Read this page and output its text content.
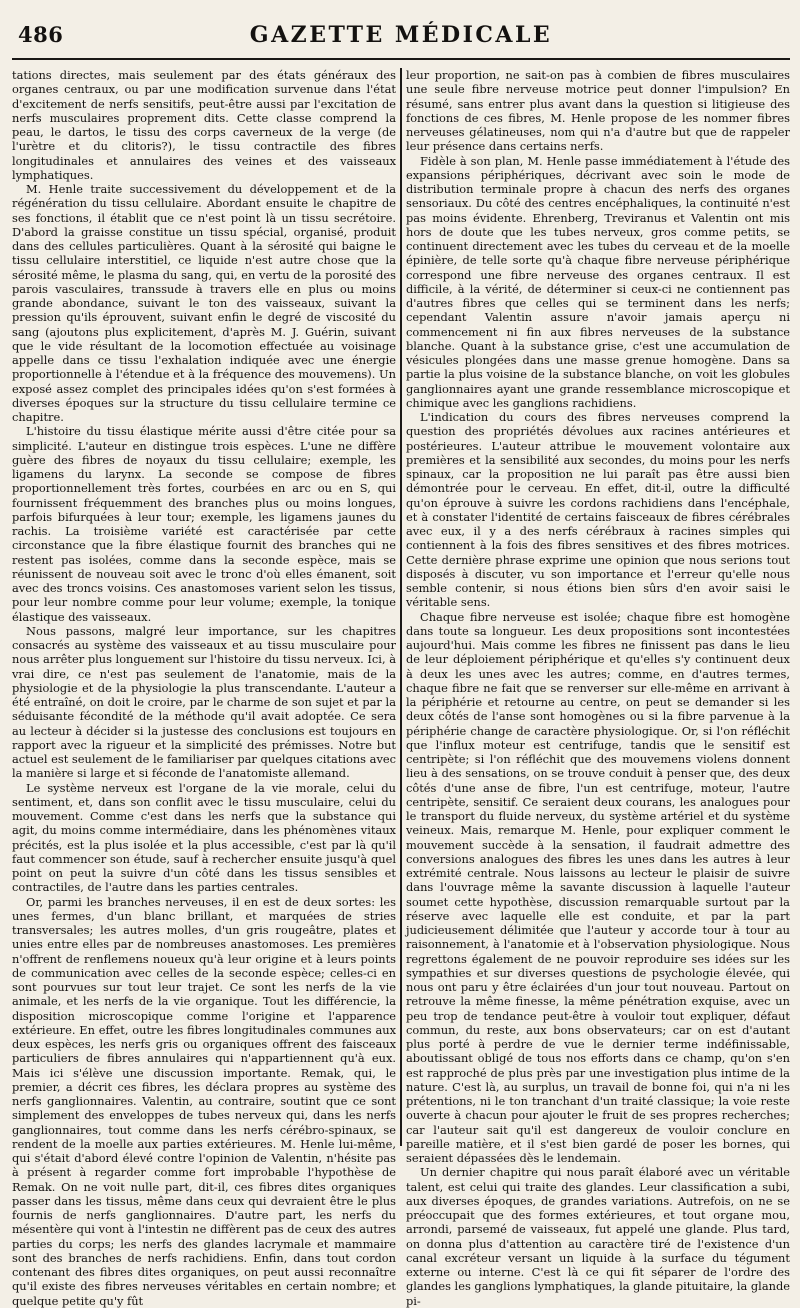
486	GAZETTE MÉDICALE

tations directes, mais seulement par des états généraux des organes centraux, ou par une modification survenue dans l'état d'excitement de nerfs sensitifs, peut-être aussi par l'excitation de nerfs musculaires proprement dits. Cette classe comprend la peau, le dartos, le tissu des corps caverneux de la verge (de l'urètre et du clitoris?), le tissu contractile des fibres longitudinales et annulaires des veines et des vaisseaux lymphatiques.

M. Henle traite successivement du développement et de la régénération du tissu cellulaire. Abordant ensuite le chapitre de ses fonctions, il établit que ce n'est point là un tissu secrétoire. D'abord la graisse constitue un tissu spécial, organisé, produit dans des cellules particulières. Quant à la sérosité qui baigne le tissu cellulaire interstitiel, ce liquide n'est autre chose que la sérosité même, le plasma du sang, qui, en vertu de la porosité des parois vasculaires, transsude à travers elle en plus ou moins grande abondance, suivant le ton des vaisseaux, suivant la pression qu'ils éprouvent, suivant enfin le degré de viscosité du sang (ajoutons plus explicitement, d'après M. J. Guérin, suivant que le vide résultant de la locomotion effectuée au voisinage appelle dans ce tissu l'exhalation indiquée avec une énergie proportionnelle à l'étendue et à la fréquence des mouvemens). Un exposé assez complet des principales idées qu'on s'est formées à diverses époques sur la structure du tissu cellulaire termine ce chapitre.

L'histoire du tissu élastique mérite aussi d'être citée pour sa simplicité. L'auteur en distingue trois espèces. L'une ne diffère guère des fibres de noyaux du tissu cellulaire; exemple, les ligamens du larynx. La seconde se compose de fibres proportionnellement très fortes, courbées en arc ou en S, qui fournissent fréquemment des branches plus ou moins longues, parfois bifurquées à leur tour; exemple, les ligamens jaunes du rachis. La troisième variété est caractérisée par cette circonstance que la fibre élastique fournit des branches qui ne restent pas isolées, comme dans la seconde espèce, mais se réunissent de nouveau soit avec le tronc d'où elles émanent, soit avec des troncs voisins. Ces anastomoses varient selon les tissus, pour leur nombre comme pour leur volume; exemple, la tonique élastique des vaisseaux.

Nous passons, malgré leur importance, sur les chapitres consacrés au système des vaisseaux et au tissu musculaire pour nous arrêter plus longuement sur l'histoire du tissu nerveux. Ici, à vrai dire, ce n'est pas seulement de l'anatomie, mais de la physiologie et de la physiologie la plus transcendante. L'auteur a été entraîné, on doit le croire, par le charme de son sujet et par la séduisante fécondité de la méthode qu'il avait adoptée. Ce sera au lecteur à décider si la justesse des conclusions est toujours en rapport avec la rigueur et la simplicité des prémisses. Notre but actuel est seulement de le familiariser par quelques citations avec la manière si large et si féconde de l'anatomiste allemand.

Le système nerveux est l'organe de la vie morale, celui du sentiment, et, dans son conflit avec le tissu musculaire, celui du mouvement. Comme c'est dans les nerfs que la substance qui agit, du moins comme intermédiaire, dans les phénomènes vitaux précités, est la plus isolée et la plus accessible, c'est par là qu'il faut commencer son étude, sauf à rechercher ensuite jusqu'à quel point on peut la suivre d'un côté dans les tissus sensibles et contractiles, de l'autre dans les parties centrales.

Or, parmi les branches nerveuses, il en est de deux sortes: les unes fermes, d'un blanc brillant, et marquées de stries transversales; les autres molles, d'un gris rougeâtre, plates et unies entre elles par de nombreuses anastomoses. Les premières n'offrent de renflemens noueux qu'à leur origine et à leurs points de communication avec celles de la seconde espèce; celles-ci en sont pourvues sur tout leur trajet. Ce sont les nerfs de la vie animale, et les nerfs de la vie organique. Tout les différencie, la disposition microscopique comme l'origine et l'apparence extérieure. En effet, outre les fibres longitudinales communes aux deux espèces, les nerfs gris ou organiques offrent des faisceaux particuliers de fibres annulaires qui n'appartiennent qu'à eux. Mais ici s'élève une discussion importante. Remak, qui, le premier, a décrit ces fibres, les déclara propres au système des nerfs ganglionnaires. Valentin, au contraire, soutint que ce sont simplement des enveloppes de tubes nerveux qui, dans les nerfs ganglionnaires, tout comme dans les nerfs cérébro-spinaux, se rendent de la moelle aux parties extérieures. M. Henle lui-même, qui s'était d'abord élevé contre l'opinion de Valentin, n'hésite pas à présent à regarder comme fort improbable l'hypothèse de Remak. On ne voit nulle part, dit-il, ces fibres dites organiques passer dans les tissus, même dans ceux qui devraient être le plus fournis de nerfs ganglionnaires. D'autre part, les nerfs du mésentère qui vont à l'intestin ne diffèrent pas de ceux des autres parties du corps; les nerfs des glandes lacrymale et mammaire sont des branches de nerfs rachidiens. Enfin, dans tout cordon contenant des fibres dites organiques, on peut aussi reconnaître qu'il existe des fibres nerveuses véritables en certain nombre; et quelque petite qu'y fût

leur proportion, ne sait-on pas à combien de fibres musculaires une seule fibre nerveuse motrice peut donner l'impulsion? En résumé, sans entrer plus avant dans la question si litigieuse des fonctions de ces fibres, M. Henle propose de les nommer fibres nerveuses gélatineuses, nom qui n'a d'autre but que de rappeler leur présence dans certains nerfs.

Fidèle à son plan, M. Henle passe immédiatement à l'étude des expansions périphériques, décrivant avec soin le mode de distribution terminale propre à chacun des nerfs des organes sensoriaux. Du côté des centres encéphaliques, la continuité n'est pas moins évidente. Ehrenberg, Treviranus et Valentin ont mis hors de doute que les tubes nerveux, gros comme petits, se continuent directement avec les tubes du cerveau et de la moelle épinière, de telle sorte qu'à chaque fibre nerveuse périphérique correspond une fibre nerveuse des organes centraux. Il est difficile, à la vérité, de déterminer si ceux-ci ne contiennent pas d'autres fibres que celles qui se terminent dans les nerfs; cependant Valentin assure n'avoir jamais aperçu ni commencement ni fin aux fibres nerveuses de la substance blanche. Quant à la substance grise, c'est une accumulation de vésicules plongées dans une masse grenue homogène. Dans sa partie la plus voisine de la substance blanche, on voit les globules ganglionnaires ayant une grande ressemblance microscopique et chimique avec les ganglions rachidiens.

L'indication du cours des fibres nerveuses comprend la question des propriétés dévolues aux racines antérieures et postérieures. L'auteur attribue le mouvement volontaire aux premières et la sensibilité aux secondes, du moins pour les nerfs spinaux, car la proposition ne lui paraît pas être aussi bien démontrée pour le cerveau. En effet, dit-il, outre la difficulté qu'on éprouve à suivre les cordons rachidiens dans l'encéphale, et à constater l'identité de certains faisceaux de fibres cérébrales avec eux, il y a des nerfs cérébraux à racines simples qui contiennent à la fois des fibres sensitives et des fibres motrices. Cette dernière phrase exprime une opinion que nous serions tout disposés à discuter, vu son importance et l'erreur qu'elle nous semble contenir, si nous étions bien sûrs d'en avoir saisi le véritable sens.

Chaque fibre nerveuse est isolée; chaque fibre est homogène dans toute sa longueur. Les deux propositions sont incontestées aujourd'hui. Mais comme les fibres ne finissent pas dans le lieu de leur déploiement périphérique et qu'elles s'y continuent deux à deux les unes avec les autres; comme, en d'autres termes, chaque fibre ne fait que se renverser sur elle-même en arrivant à la périphérie et retourne au centre, on peut se demander si les deux côtés de l'anse sont homogènes ou si la fibre parvenue à la périphérie change de caractère physiologique. Or, si l'on réfléchit que l'influx moteur est centrifuge, tandis que le sensitif est centripète; si l'on réfléchit que des mouvemens violens donnent lieu à des sensations, on se trouve conduit à penser que, des deux côtés d'une anse de fibre, l'un est centrifuge, moteur, l'autre centripète, sensitif. Ce seraient deux courans, les analogues pour le transport du fluide nerveux, du système artériel et du système veineux. Mais, remarque M. Henle, pour expliquer comment le mouvement succède à la sensation, il faudrait admettre des conversions analogues des fibres les unes dans les autres à leur extrémité centrale. Nous laissons au lecteur le plaisir de suivre dans l'ouvrage même la savante discussion à laquelle l'auteur soumet cette hypothèse, discussion remarquable surtout par la réserve avec laquelle elle est conduite, et par la part judicieusement délimitée que l'auteur y accorde tour à tour au raisonnement, à l'anatomie et à l'observation physiologique. Nous regrettons également de ne pouvoir reproduire ses idées sur les sympathies et sur diverses questions de psychologie élevée, qui nous ont paru y être éclairées d'un jour tout nouveau. Partout on retrouve la même finesse, la même pénétration exquise, avec un peu trop de tendance peut-être à vouloir tout expliquer, défaut commun, du reste, aux bons observateurs; car on est d'autant plus porté à perdre de vue le dernier terme indéfinissable, aboutissant obligé de tous nos efforts dans ce champ, qu'on s'en est rapproché de plus près par une investigation plus intime de la nature. C'est là, au surplus, un travail de bonne foi, qui n'a ni les prétentions, ni le ton tranchant d'un traité classique; la voie reste ouverte à chacun pour ajouter le fruit de ses propres recherches; car l'auteur sait qu'il est dangereux de vouloir conclure en pareille matière, et il s'est bien gardé de poser les bornes, qui seraient dépassées dès le lendemain.

Un dernier chapitre qui nous paraît élaboré avec un véritable talent, est celui qui traite des glandes. Leur classification a subi, aux diverses époques, de grandes variations. Autrefois, on ne se préoccupait que des formes extérieures, et tout organe mou, arrondi, parsemé de vaisseaux, fut appelé une glande. Plus tard, on donna plus d'attention au caractère tiré de l'existence d'un canal excréteur versant un liquide à la surface du tégument externe ou interne. C'est là ce qui fit séparer de l'ordre des glandes les ganglions lymphatiques, la glande pituitaire, la glande pi-
